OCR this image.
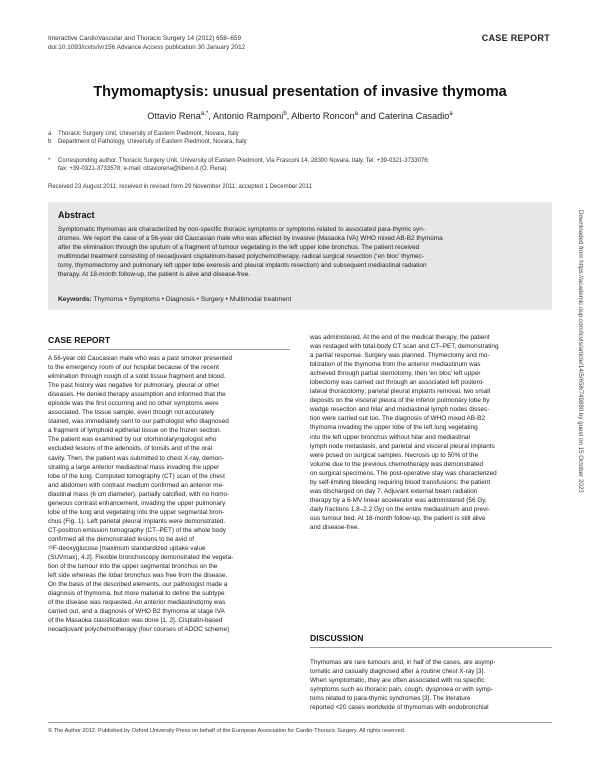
Interactive CardioVascular and Thoracic Surgery 14 (2012) 658–659
doi:10.1093/icvts/ivr156 Advance Access publication 30 January 2012
CASE REPORT
Thymomaptysis: unusual presentation of invasive thymoma
Ottavio Rena$^{a,*}$, Antonio Ramponi$^b$, Alberto Roncon$^a$ and Caterina Casadio$^a$
a	Thoracic Surgery Unit, University of Eastern Piedmont, Novara, Italy
b	Department of Pathology, University of Eastern Piedmont, Novara, Italy
* Corresponding author. Thoracic Surgery Unit, University of Eastern Piedmont, Via Frasconi 14, 28300 Novara, Italy. Tel: +39-0321-3733076;
fax: +39-0321-3733578; e-mail: ottaviorena@libero.it (O. Rena).
Received 23 August 2011; received in revised form 29 November 2011; accepted 1 December 2011
Abstract
Symptomatic thymomas are characterized by non-specific thoracic symptoms or symptoms related to associated para-thymic syn-
dromes. We report the case of a 56-year old Caucasian male who was affected by invasive (Masaoka IVA) WHO mixed AB-B2 thymoma
after the elimination through the sputum of a fragment of tumour vegetating in the left upper lobe bronchus. The patient received
multimodal treatment consisting of neoadjuvant cisplatinum-based polychemotherapy, radical surgical resection (‘en bloc’ thymec-
tomy, thymomectomy and pulmonary left upper lobe exeresis and pleural implants resection) and subsequent mediastinal radiation
therapy. At 18-month follow-up, the patient is alive and disease-free.
Keywords: Thymoma • Symptoms • Diagnosis • Surgery • Multimodal treatment
CASE REPORT
A 56-year old Caucasian male who was a past smoker presented
to the emergency room of our hospital because of the recent
elimination through cough of a solid tissue fragment and blood.
The past history was negative for pulmonary, pleural or other
diseases. He denied therapy assumption and informed that the
episode was the first occurring and no other symptoms were
associated. The tissue sample, even though not accurately
stained, was immediately sent to our pathologist who diagnosed
a fragment of lymphoid epithelial tissue on the frozen section.
The patient was examined by our otorhinolaryngologist who
excluded lesions of the adenoids, of tonsils and of the oral
cavity. Then, the patient was submitted to chest X-ray, demon-
strating a large anterior mediastinal mass invading the upper
lobe of the lung. Computed tomography (CT) scan of the chest
and abdomen with contrast medium confirmed an anterior me-
diastinal mass (6 cm diameter), partially calcified, with no homo-
geneous contrast enhancement, invading the upper pulmonary
lobe of the lung and vegetating into the upper segmental bron-
chus (Fig. 1). Left parietal pleural implants were demonstrated.
CT-positron emission tomography (CT–PET) of the whole body
confirmed all the demonstrated lesions to be avid of
¹⁸F-deoxyglucose [maximum standardized uptake value
(SUVmax), 4.2]. Flexible bronchoscopy demonstrated the vegeta-
tion of the tumour into the upper segmental bronchus on the
left side whereas the lobar bronchus was free from the disease.
On the basis of the described elements, our pathologist made a
diagnosis of thymoma, but more material to define the subtype
of the disease was requested. An anterior mediastinotomy was
carried out, and a diagnosis of WHO B2 thymoma at stage IVA
of the Masaoka classification was done [1, 2]. Cisplatin-based
neoadjuvant polychemotherapy (four courses of ADOC scheme)
was administered. At the end of the medical therapy, the patient
was restaged with total-body CT scan and CT–PET, demonstrating
a partial response. Surgery was planned. Thymectomy and mo-
bilization of the thymoma from the anterior mediastinum was
achieved through partial sternotomy, then ‘en bloc’ left upper
lobectomy was carried out through an associated left postero-
lateral thoracotomy; parietal pleural implants removal, two small
deposits on the visceral pleura of the inferior pulmonary lobe by
wedge resection and hilar and mediastinal lymph nodes dissec-
tion were carried out too. The diagnosis of WHO mixed AB-B2
thymoma invading the upper lobe of the left lung vegetating
into the left upper bronchus without hilar and mediastinal
lymph node metastasis, and parietal and visceral pleural implants
were posed on surgical samples. Necrosis up to 50% of the
volume due to the previous chemotherapy was demonstrated
on surgical specimens. The post-operative stay was characterized
by self-limiting bleeding requiring blood transfusions; the patient
was discharged on day 7. Adjuvant external beam radiation
therapy by a 6-MV linear accelerator was administered (56 Gy,
daily fractions 1.8–2.2 Gy) on the entire mediastinum and previ-
ous tumour bed. At 18-month follow-up, the patient is still alive
and disease-free.
DISCUSSION
Thymomas are rare tumours and, in half of the cases, are asymp-
tomatic and casually diagnosed after a routine chest X-ray [3].
When symptomatic, they are often associated with no specific
symptoms such as thoracic pain, cough, dyspnoea or with symp-
toms related to para-thymic syndromes [3]. The literature
reported <20 cases worldwide of thymomas with endobronchial
© The Author 2012. Published by Oxford University Press on behalf of the European Association for Cardio-Thoracic Surgery. All rights reserved.
Downloaded from https://academic.oup.com/icvts/article/14/5/658/749880 by guest on 15 October 2023
